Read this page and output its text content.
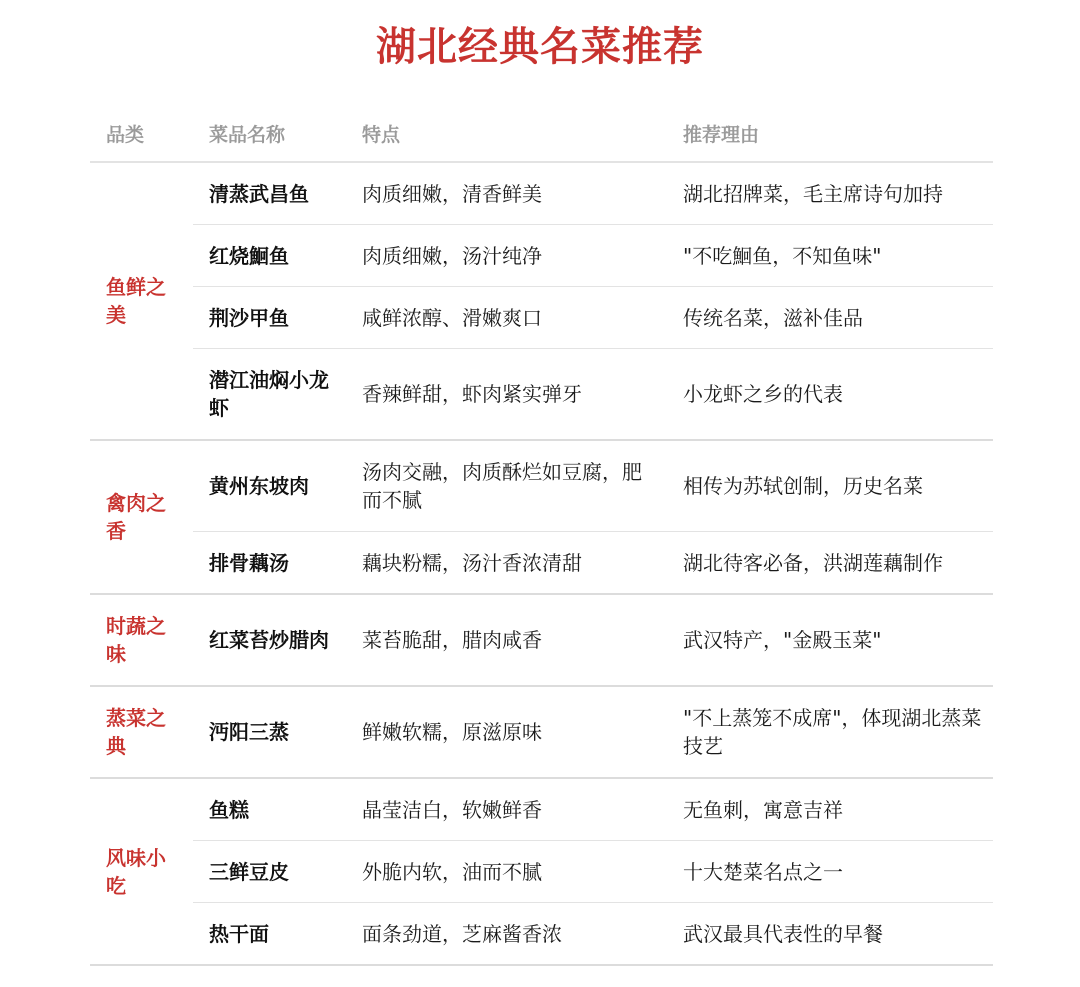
湖北经典名菜推荐
品类	菜品名称	特点	推荐理由
鱼鲜之美	清蒸武昌鱼	肉质细嫩，清香鲜美	湖北招牌菜，毛主席诗句加持
	红烧鮰鱼	肉质细嫩，汤汁纯净	"不吃鮰鱼，不知鱼味"
	荆沙甲鱼	咸鲜浓醇、滑嫩爽口	传统名菜，滋补佳品
	潜江油焖小龙虾	香辣鲜甜，虾肉紧实弹牙	小龙虾之乡的代表
禽肉之香	黄州东坡肉	汤肉交融，肉质酥烂如豆腐，肥而不腻	相传为苏轼创制，历史名菜
	排骨藕汤	藕块粉糯，汤汁香浓清甜	湖北待客必备，洪湖莲藕制作
时蔬之味	红菜苔炒腊肉	菜苔脆甜，腊肉咸香	武汉特产，"金殿玉菜"
蒸菜之典	沔阳三蒸	鲜嫩软糯，原滋原味	"不上蒸笼不成席"，体现湖北蒸菜技艺
风味小吃	鱼糕	晶莹洁白，软嫩鲜香	无鱼刺，寓意吉祥
	三鲜豆皮	外脆内软，油而不腻	十大楚菜名点之一
	热干面	面条劲道，芝麻酱香浓	武汉最具代表性的早餐
